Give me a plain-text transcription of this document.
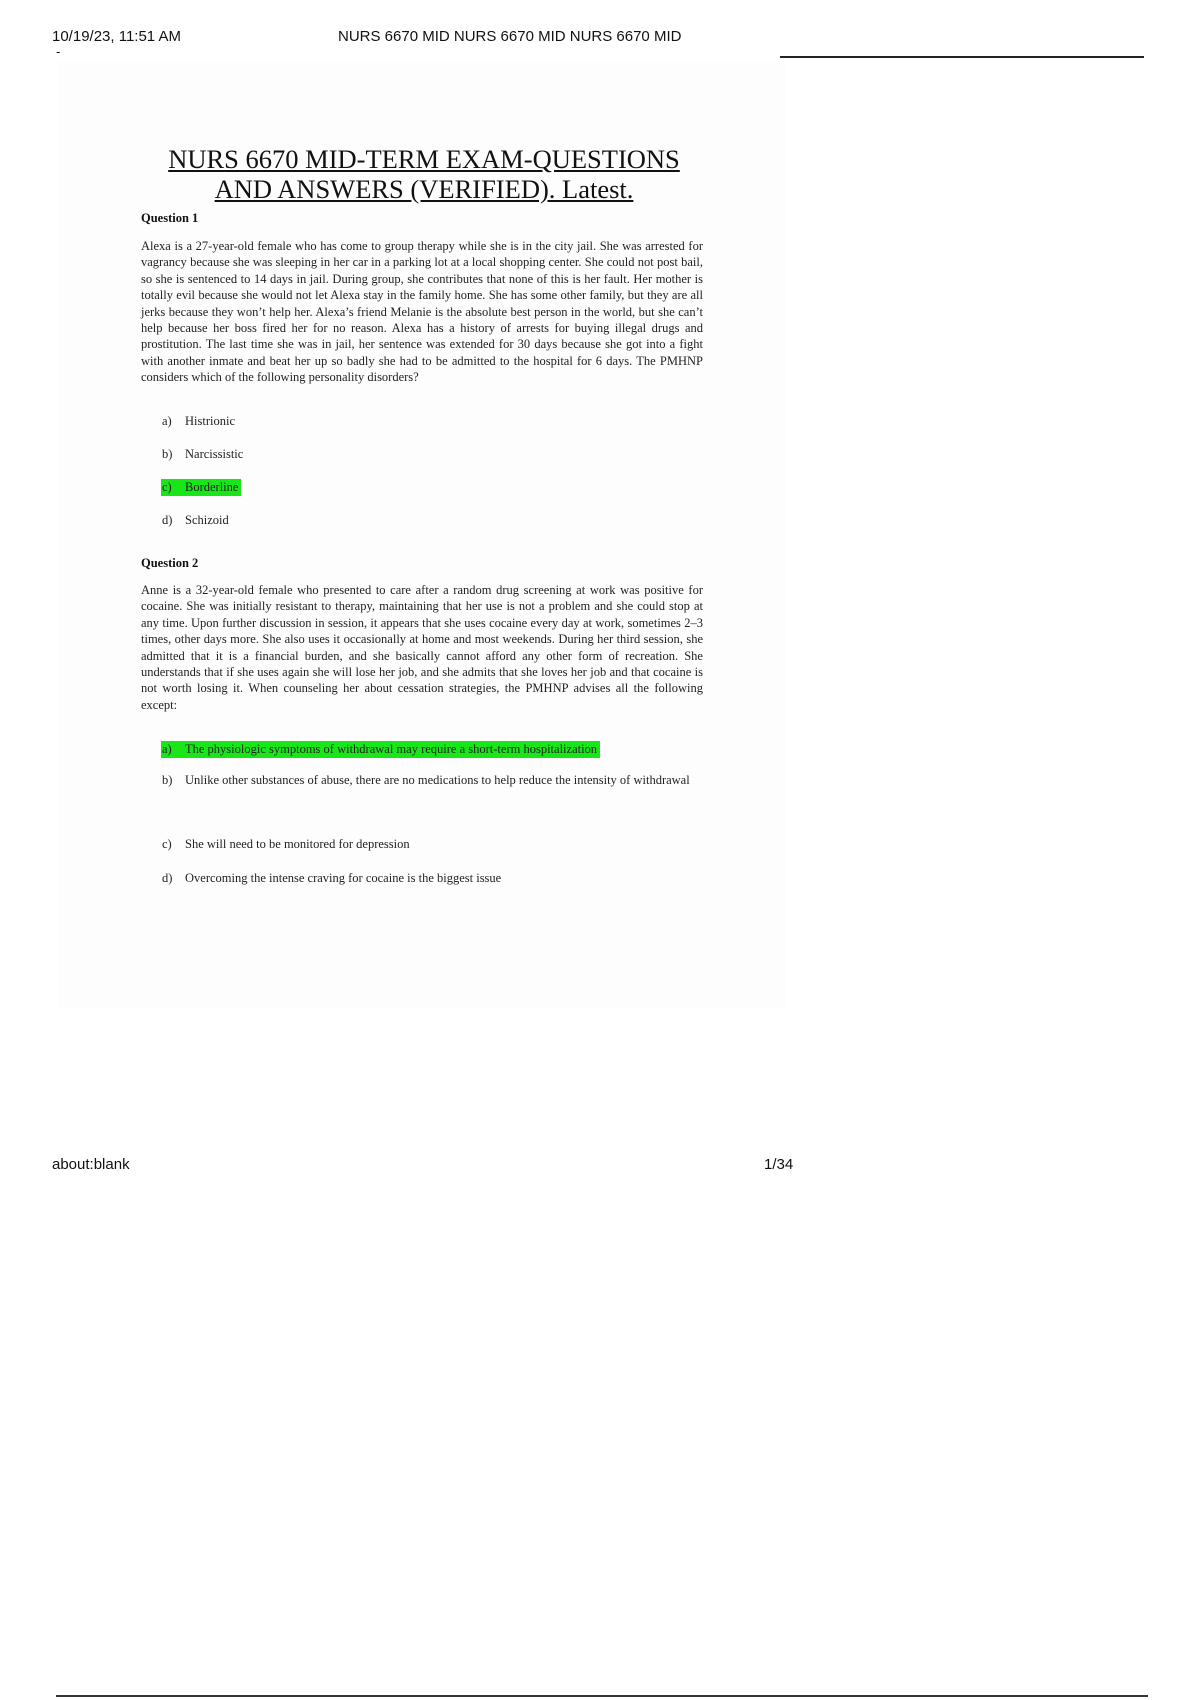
10/19/23, 11:51 AM
-
NURS 6670 MID NURS 6670 MID NURS 6670 MID
NURS 6670 MID-TERM EXAM-QUESTIONS
AND ANSWERS (VERIFIED). Latest.
Question 1
Alexa is a 27-year-old female who has come to group therapy while she is in the city jail. She was arrested for vagrancy because she was sleeping in her car in a parking lot at a local shopping center. She could not post bail, so she is sentenced to 14 days in jail. During group, she contributes that none of this is her fault. Her mother is totally evil because she would not let Alexa stay in the family home. She has some other family, but they are all jerks because they won’t help her. Alexa’s friend Melanie is the absolute best person in the world, but she can’t help because her boss fired her for no reason. Alexa has a history of arrests for buying illegal drugs and prostitution. The last time she was in jail, her sentence was extended for 30 days because she got into a fight with another inmate and beat her up so badly she had to be admitted to the hospital for 6 days. The PMHNP considers which of the following personality disorders?
a) Histrionic
b) Narcissistic
c) Borderline
d) Schizoid
Question 2
Anne is a 32-year-old female who presented to care after a random drug screening at work was positive for cocaine. She was initially resistant to therapy, maintaining that her use is not a problem and she could stop at any time. Upon further discussion in session, it appears that she uses cocaine every day at work, sometimes 2–3 times, other days more. She also uses it occasionally at home and most weekends. During her third session, she admitted that it is a financial burden, and she basically cannot afford any other form of recreation. She understands that if she uses again she will lose her job, and she admits that she loves her job and that cocaine is not worth losing it. When counseling her about cessation strategies, the PMHNP advises all the following except:
a) The physiologic symptoms of withdrawal may require a short-term hospitalization
b) Unlike other substances of abuse, there are no medications to help reduce the intensity of withdrawal
c) She will need to be monitored for depression
d) Overcoming the intense craving for cocaine is the biggest issue
about:blank	1/34
